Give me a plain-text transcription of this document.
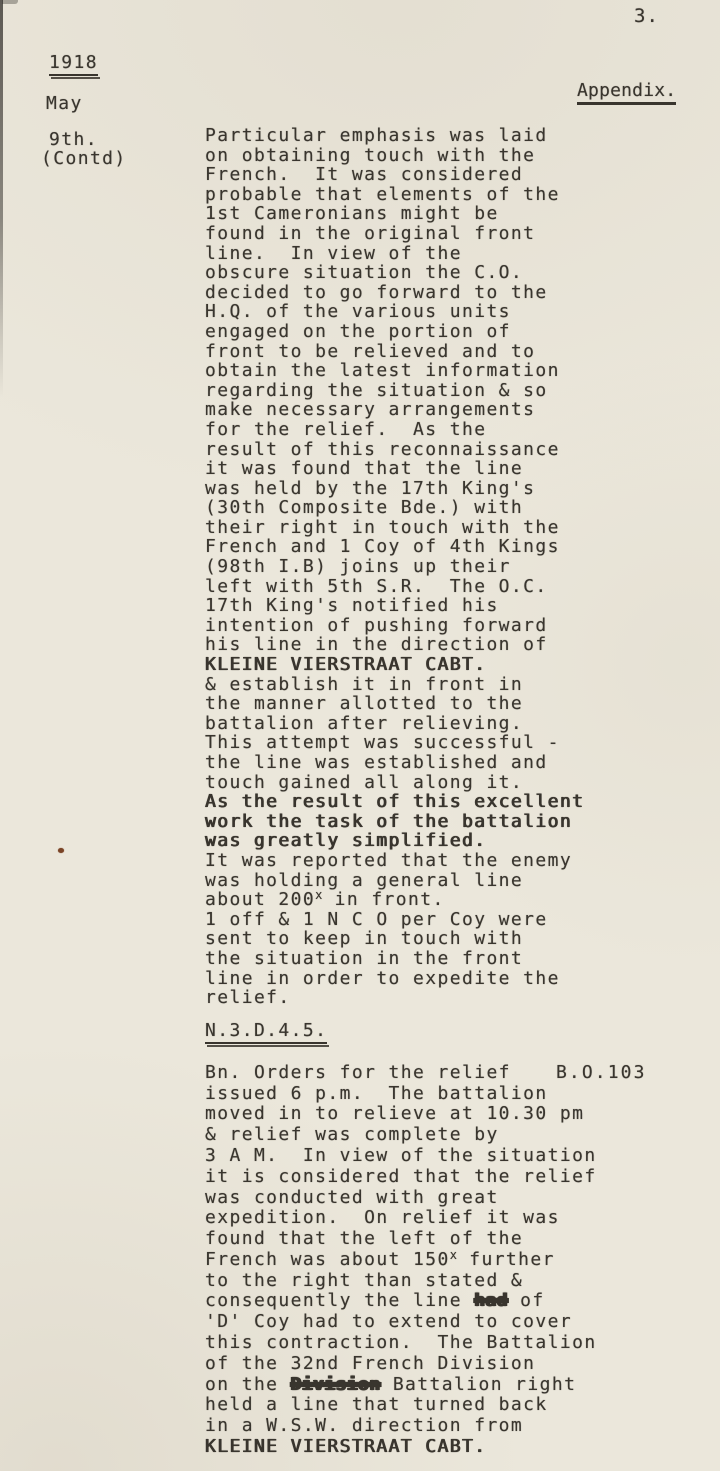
3.
Appendix.
1918
May
9th.
(Contd)
B.O.103
Particular emphasis was laid
on obtaining touch with the
French.  It was considered
probable that elements of the
1st Cameronians might be
found in the original front
line.  In view of the
obscure situation the C.O.
decided to go forward to the
H.Q. of the various units
engaged on the portion of
front to be relieved and to
obtain the latest information
regarding the situation & so
make necessary arrangements
for the relief.  As the
result of this reconnaissance
it was found that the line
was held by the 17th King's
(30th Composite Bde.) with
their right in touch with the
French and 1 Coy of 4th Kings
(98th I.B) joins up their
left with 5th S.R.  The O.C.
17th King's notified his
intention of pushing forward
his line in the direction of
KLEINE VIERSTRAAT CABT.
& establish it in front in
the manner allotted to the
battalion after relieving.
This attempt was successful -
the line was established and
touch gained all along it.
As the result of this excellent
work the task of the battalion
was greatly simplified.
It was reported that the enemy
was holding a general line
about 200$^x$ in front.
1 off & 1 N C O per Coy were
sent to keep in touch with
the situation in the front
line in order to expedite the
relief.
N.3.D.4.5.
Bn. Orders for the relief
issued 6 p.m.  The battalion
moved in to relieve at 10.30 pm
& relief was complete by
3 A M.  In view of the situation
it is considered that the relief
was conducted with great
expedition.  On relief it was
found that the left of the
French was about 150$^x$ further
to the right than stated &
consequently the line had of
'D' Coy had to extend to cover
this contraction.  The Battalion
of the 32nd French Division
on the Division Battalion right
held a line that turned back
in a W.S.W. direction from
KLEINE VIERSTRAAT CABT.
